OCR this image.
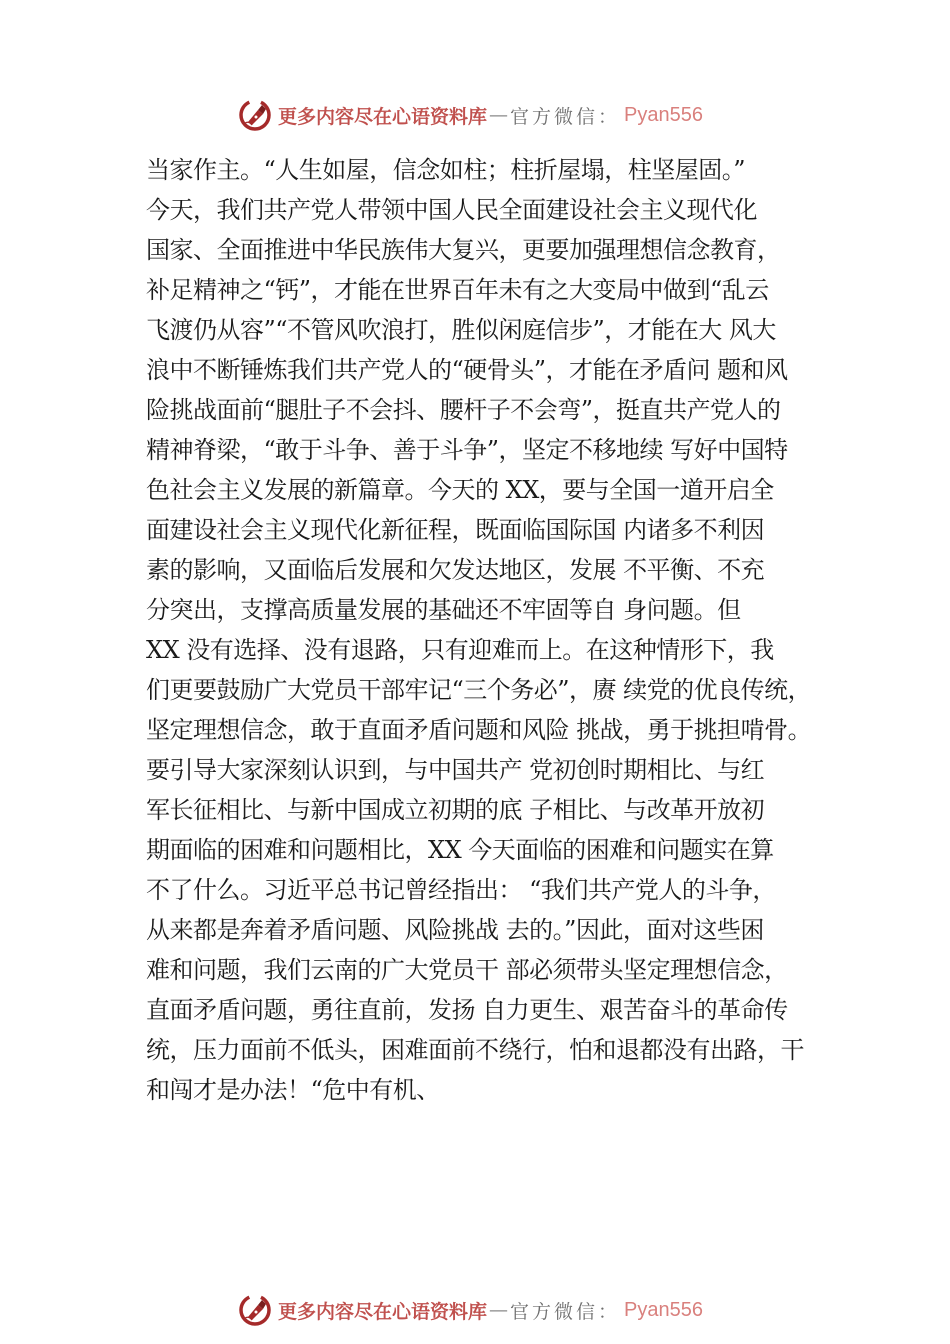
更多内容尽在心语资料库 — 官方微信： Pyan556
当家作主。“人生如屋，信念如柱；柱折屋塌，柱坚屋固。”
今天，我们共产党人带领中国人民全面建设社会主义现代化
国家、全面推进中华民族伟大复兴，更要加强理想信念教育，
补足精神之“钙”，才能在世界百年未有之大变局中做到“乱云
飞渡仍从容”“不管风吹浪打，胜似闲庭信步”，才能在大 风大
浪中不断锤炼我们共产党人的“硬骨头”，才能在矛盾问 题和风
险挑战面前“腿肚子不会抖、腰杆子不会弯”，挺直共产党人的
精神脊梁，“敢于斗争、善于斗争”，坚定不移地续 写好中国特
色社会主义发展的新篇章。今天的 XX，要与全国一道开启全
面建设社会主义现代化新征程，既面临国际国 内诸多不利因
素的影响，又面临后发展和欠发达地区，发展 不平衡、不充
分突出，支撑高质量发展的基础还不牢固等自 身问题。但
XX 没有选择、没有退路，只有迎难而上。在这种情形下，我
们更要鼓励广大党员干部牢记“三个务必”，赓 续党的优良传统，
坚定理想信念，敢于直面矛盾问题和风险 挑战，勇于挑担啃骨。
要引导大家深刻认识到，与中国共产 党初创时期相比、与红
军长征相比、与新中国成立初期的底 子相比、与改革开放初
期面临的困难和问题相比，XX 今天面临的困难和问题实在算
不了什么。习近平总书记曾经指出： “我们共产党人的斗争，
从来都是奔着矛盾问题、风险挑战 去的。”因此，面对这些困
难和问题，我们云南的广大党员干 部必须带头坚定理想信念，
直面矛盾问题，勇往直前，发扬 自力更生、艰苦奋斗的革命传
统，压力面前不低头，困难面前不绕行，怕和退都没有出路，干
和闯才是办法！“危中有机、
更多内容尽在心语资料库 — 官方微信： Pyan556
